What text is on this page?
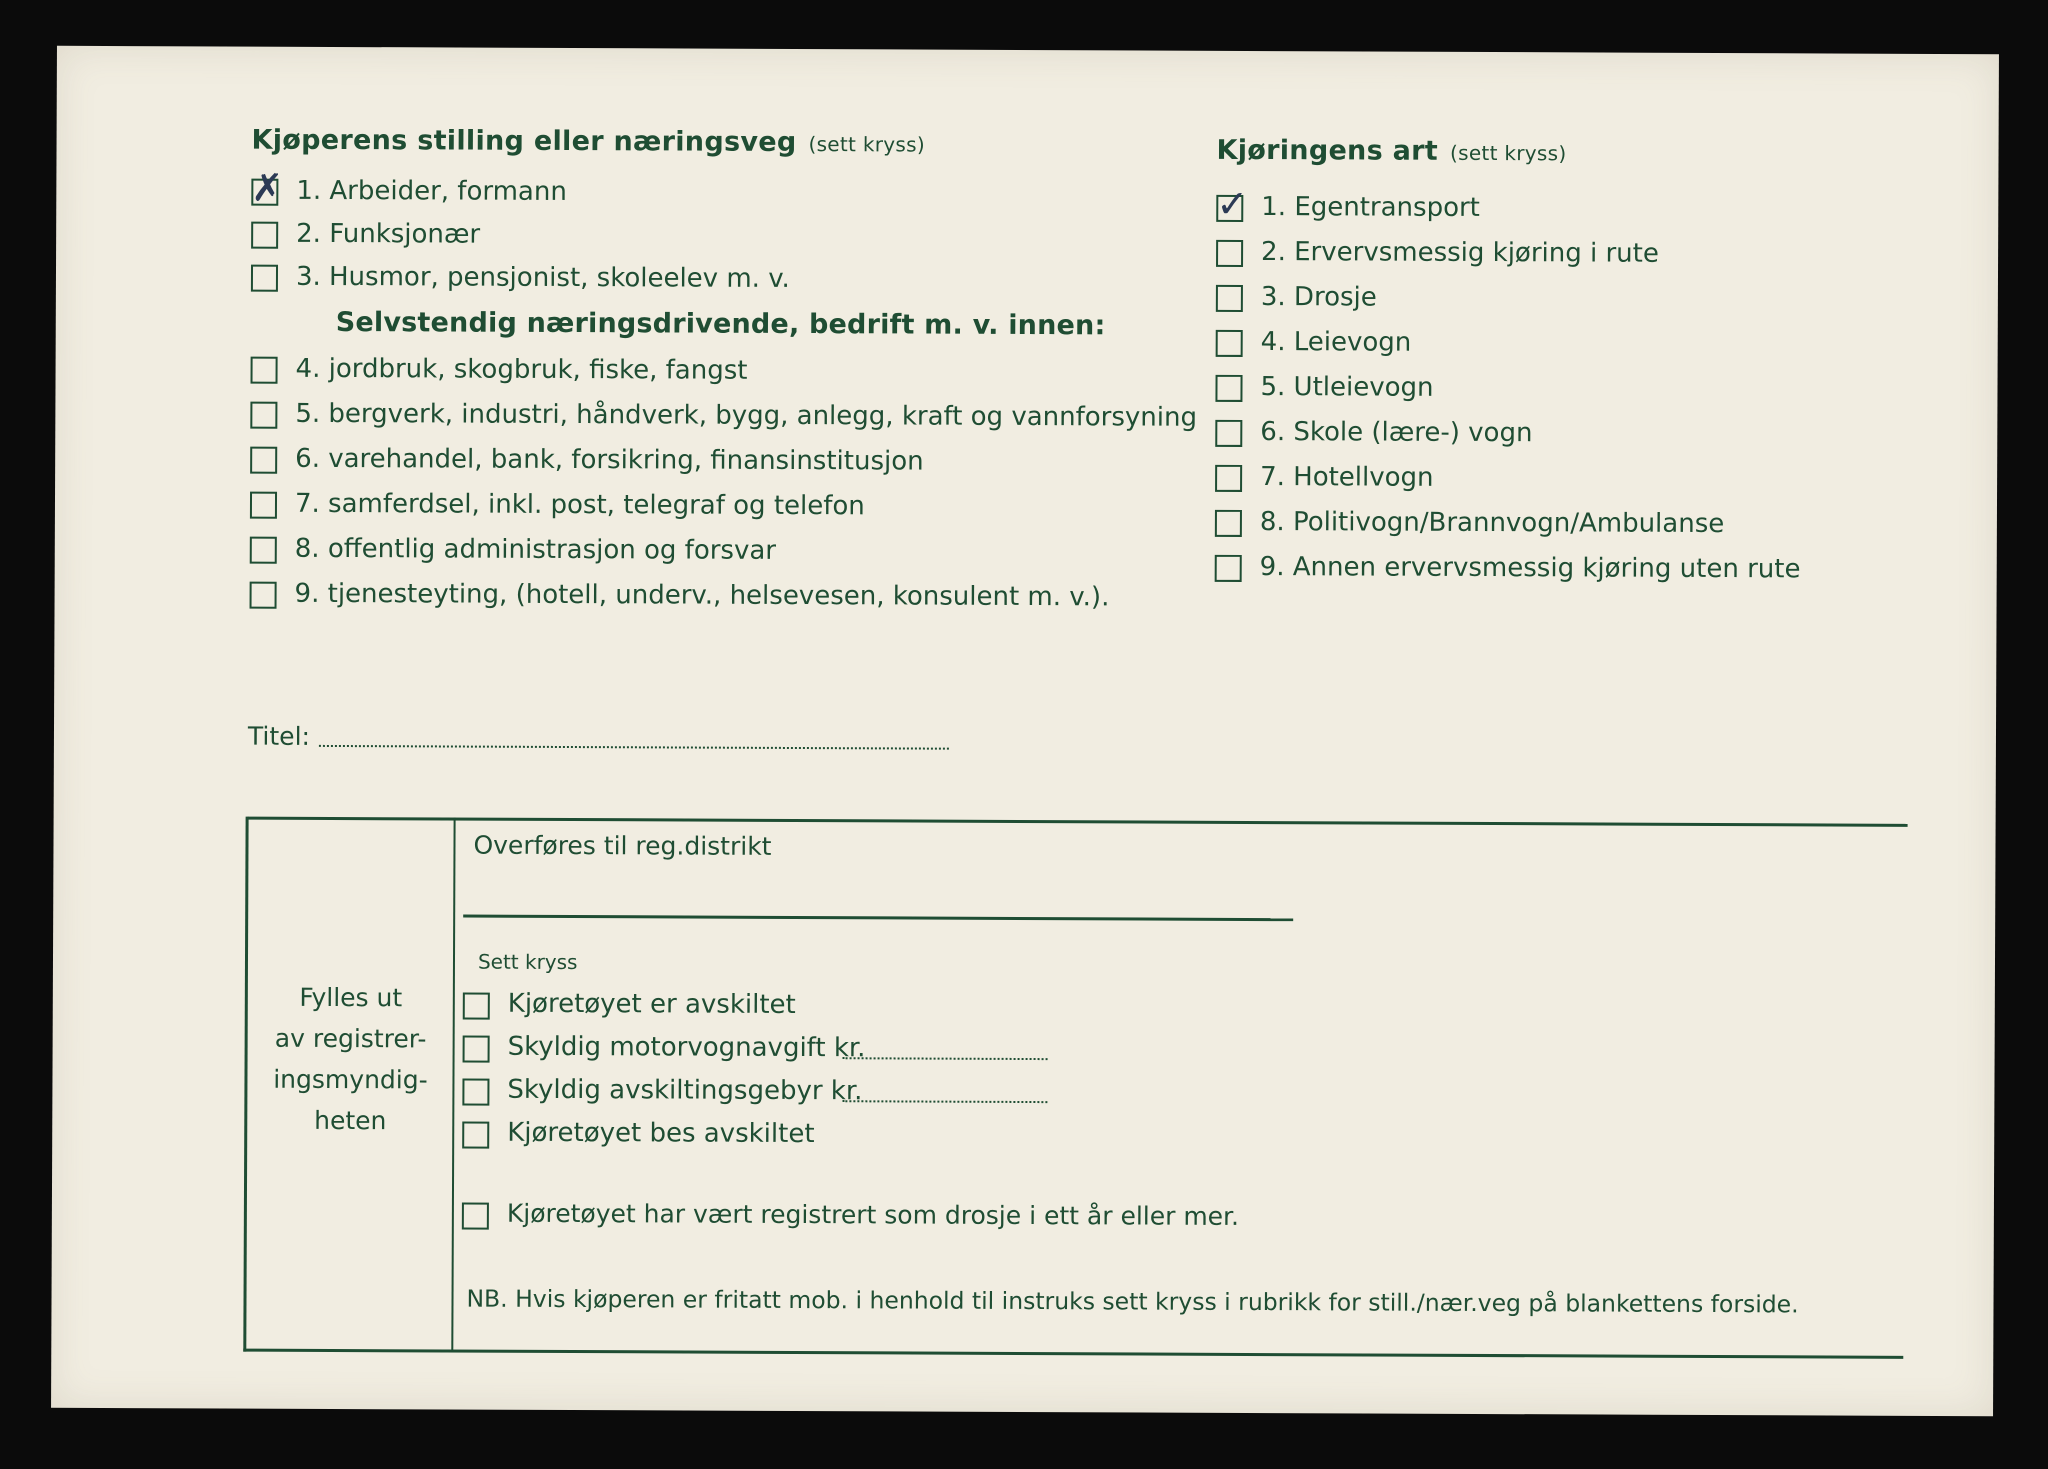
Kjøperens stilling eller næringsveg (sett kryss)
✗ 1. Arbeider, formann
2. Funksjonær
3. Husmor, pensjonist, skoleelev m. v.
Selvstendig næringsdrivende, bedrift m. v. innen:
4. jordbruk, skogbruk, fiske, fangst
5. bergverk, industri, håndverk, bygg, anlegg, kraft og vannforsyning
6. varehandel, bank, forsikring, finansinstitusjon
7. samferdsel, inkl. post, telegraf og telefon
8. offentlig administrasjon og forsvar
9. tjenesteyting, (hotell, underv., helsevesen, konsulent m. v.).
Kjøringens art (sett kryss)
✓ 1. Egentransport
2. Ervervsmessig kjøring i rute
3. Drosje
4. Leievogn
5. Utleievogn
6. Skole (lære-) vogn
7. Hotellvogn
8. Politivogn/Brannvogn/Ambulanse
9. Annen ervervsmessig kjøring uten rute
Titel:
Fylles ut
av registrer-
ingsmyndig-
heten
Overføres til reg.distrikt
Sett kryss
Kjøretøyet er avskiltet
Skyldig motorvognavgift kr.
Skyldig avskiltingsgebyr kr.
Kjøretøyet bes avskiltet
Kjøretøyet har vært registrert som drosje i ett år eller mer.
NB. Hvis kjøperen er fritatt mob. i henhold til instruks sett kryss i rubrikk for still./nær.veg på blankettens forside.
